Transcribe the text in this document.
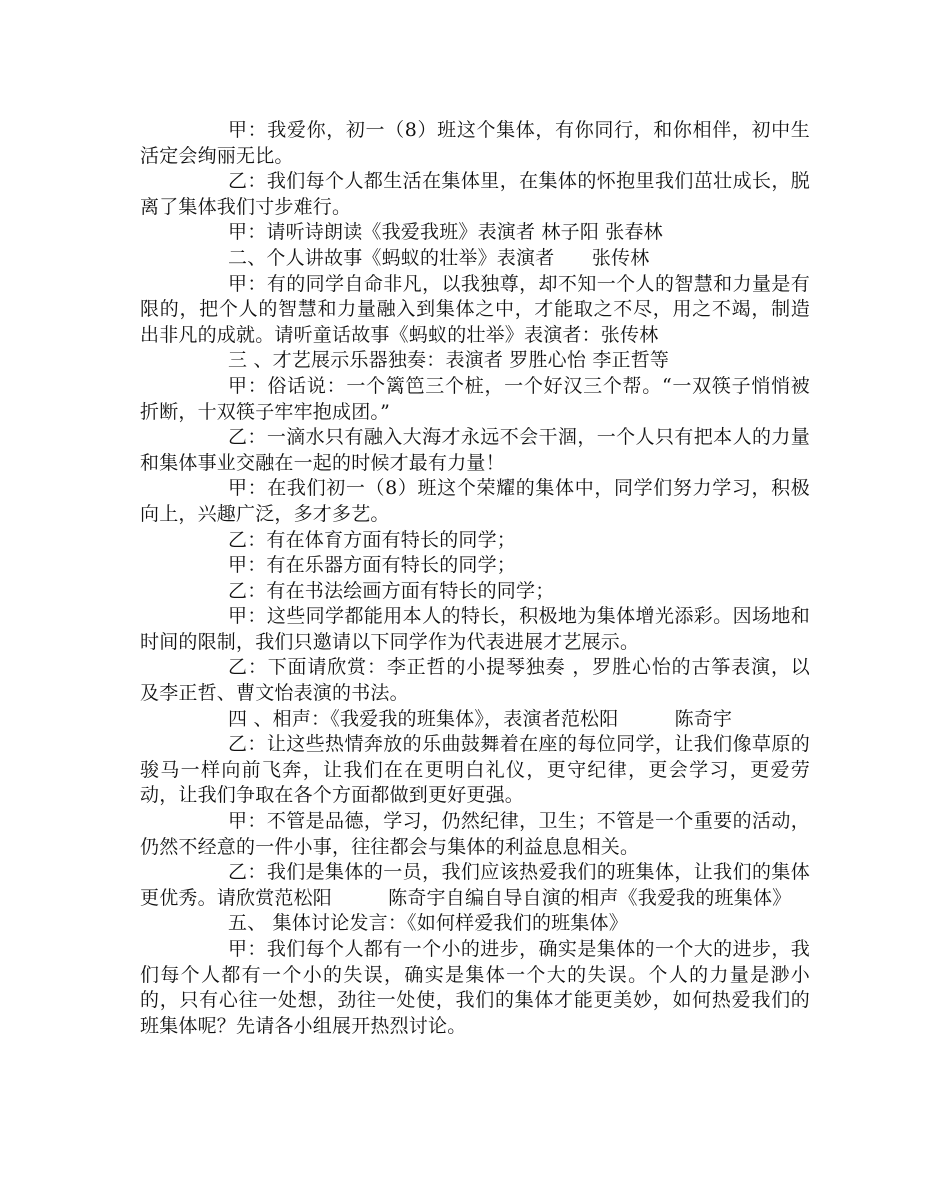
甲：我爱你，初一（8）班这个集体，有你同行，和你相伴，初中生活定会绚丽无比。

乙：我们每个人都生活在集体里，在集体的怀抱里我们茁壮成长，脱离了集体我们寸步难行。

甲：请听诗朗读《我爱我班》表演者 林子阳 张春林

二、个人讲故事《蚂蚁的壮举》表演者      张传林

甲：有的同学自命非凡，以我独尊，却不知一个人的智慧和力量是有限的，把个人的智慧和力量融入到集体之中，才能取之不尽，用之不竭，制造出非凡的成就。请听童话故事《蚂蚁的壮举》表演者：张传林

三 、才艺展示乐器独奏：表演者 罗胜心怡 李正哲等

甲：俗话说：一个篱笆三个桩，一个好汉三个帮。“一双筷子悄悄被折断，十双筷子牢牢抱成团。”

乙：一滴水只有融入大海才永远不会干涸，一个人只有把本人的力量和集体事业交融在一起的时候才最有力量！

甲：在我们初一（8）班这个荣耀的集体中，同学们努力学习，积极向上，兴趣广泛，多才多艺。

乙：有在体育方面有特长的同学；

甲：有在乐器方面有特长的同学；

乙：有在书法绘画方面有特长的同学；

甲：这些同学都能用本人的特长，积极地为集体增光添彩。因场地和时间的限制，我们只邀请以下同学作为代表进展才艺展示。

乙：下面请欣赏：李正哲的小提琴独奏 ，罗胜心怡的古筝表演，以及李正哲、曹文怡表演的书法。

四 、相声：《我爱我的班集体》，表演者范松阳         陈奇宇

乙：让这些热情奔放的乐曲鼓舞着在座的每位同学，让我们像草原的骏马一样向前飞奔，让我们在在更明白礼仪，更守纪律，更会学习，更爱劳动，让我们争取在各个方面都做到更好更强。

甲：不管是品德，学习，仍然纪律，卫生；不管是一个重要的活动，仍然不经意的一件小事，往往都会与集体的利益息息相关。

乙：我们是集体的一员，我们应该热爱我们的班集体，让我们的集体更优秀。请欣赏范松阳         陈奇宇自编自导自演的相声《我爱我的班集体》

五、 集体讨论发言：《如何样爱我们的班集体》

甲：我们每个人都有一个小的进步，确实是集体的一个大的进步，我们每个人都有一个小的失误，确实是集体一个大的失误。个人的力量是渺小的，只有心往一处想，劲往一处使，我们的集体才能更美妙，如何热爱我们的班集体呢？先请各小组展开热烈讨论。
